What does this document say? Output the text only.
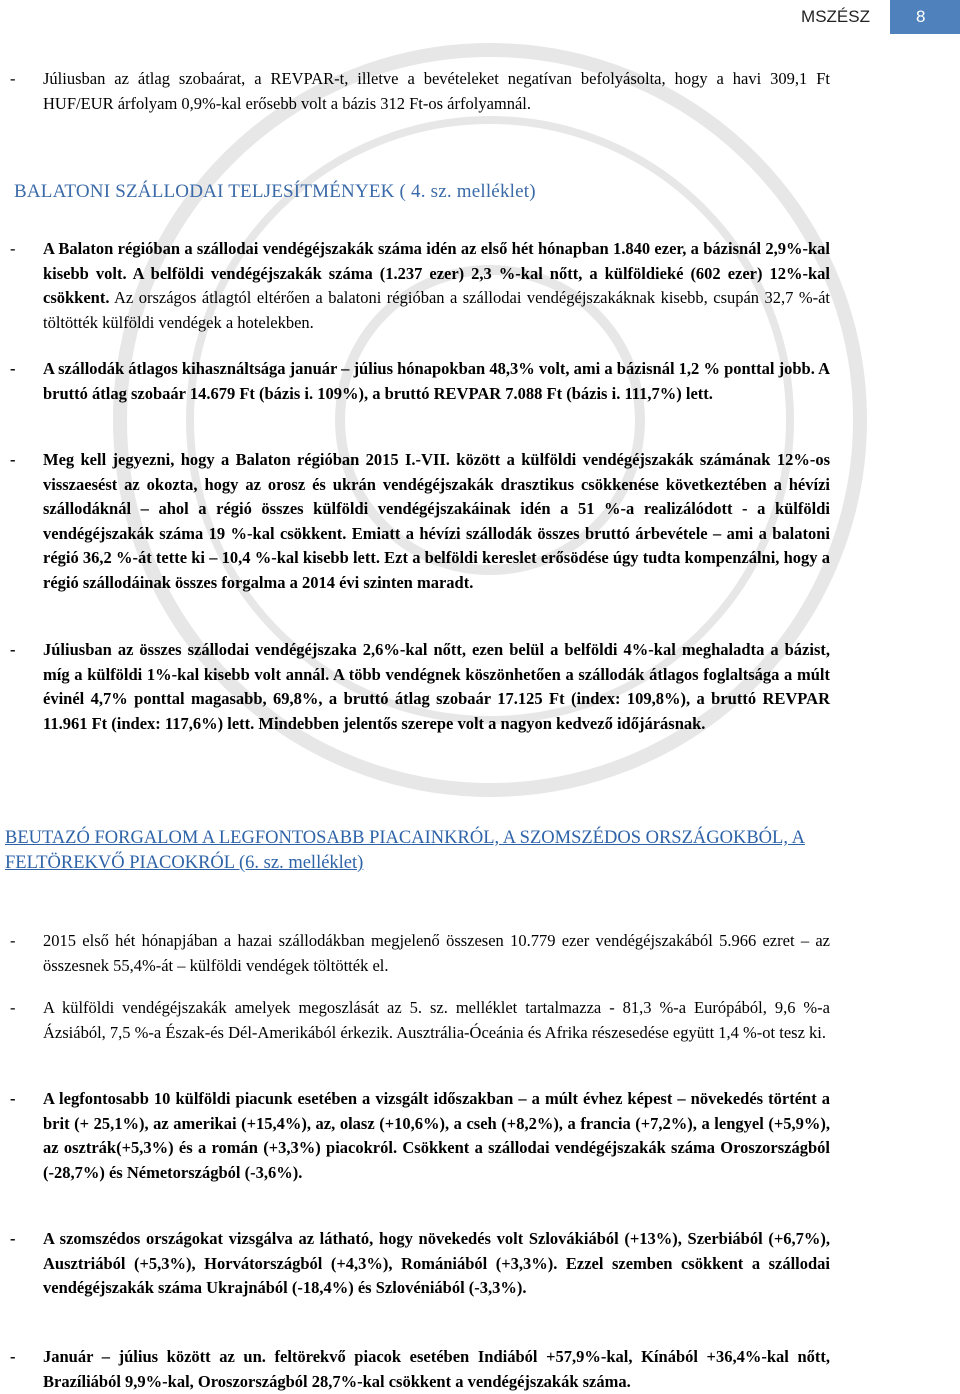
MSZÉSZ	8
- Júliusban az átlag szobaárat, a REVPAR-t, illetve a bevételeket negatívan befolyásolta, hogy a havi 309,1 Ft HUF/EUR árfolyam 0,9%-kal erősebb volt a bázis 312 Ft-os árfolyamnál.
BALATONI SZÁLLODAI TELJESÍTMÉNYEK ( 4. sz. melléklet)
- A Balaton régióban a szállodai vendégéjszakák száma idén az első hét hónapban 1.840 ezer, a bázisnál 2,9%-kal kisebb volt. A belföldi vendégéjszakák száma (1.237 ezer) 2,3 %-kal nőtt, a külföldieké (602 ezer) 12%-kal csökkent. Az országos átlagtól eltérően a balatoni régióban a szállodai vendégéjszakáknak kisebb, csupán 32,7 %-át töltötték külföldi vendégek a hotelekben.
- A szállodák átlagos kihasználtsága január – július hónapokban 48,3% volt, ami a bázisnál 1,2 % ponttal jobb. A bruttó átlag szobaár 14.679 Ft (bázis i. 109%), a bruttó REVPAR 7.088 Ft (bázis i. 111,7%) lett.
- Meg kell jegyezni, hogy a Balaton régióban 2015 I.-VII. között a külföldi vendégéjszakák számának 12%-os visszaesést az okozta, hogy az orosz és ukrán vendégéjszakák drasztikus csökkenése következtében a hévízi szállodáknál – ahol a régió összes külföldi vendégéjszakáinak idén a 51 %-a realizálódott - a külföldi vendégéjszakák száma 19 %-kal csökkent. Emiatt a hévízi szállodák összes bruttó árbevétele – ami a balatoni régió 36,2 %-át tette ki – 10,4 %-kal kisebb lett. Ezt a belföldi kereslet erősödése úgy tudta kompenzálni, hogy a régió szállodáinak összes forgalma a 2014 évi szinten maradt.
- Júliusban az összes szállodai vendégéjszaka 2,6%-kal nőtt, ezen belül a belföldi 4%-kal meghaladta a bázist, míg a külföldi 1%-kal kisebb volt annál. A több vendégnek köszönhetően a szállodák átlagos foglaltsága a múlt évinél 4,7% ponttal magasabb, 69,8%, a bruttó átlag szobaár 17.125 Ft (index: 109,8%), a bruttó REVPAR 11.961 Ft (index: 117,6%) lett. Mindebben jelentős szerepe volt a nagyon kedvező időjárásnak.
BEUTAZÓ FORGALOM A LEGFONTOSABB PIACAINKRÓL, A SZOMSZÉDOS ORSZÁGOKBÓL, A FELTÖREKVŐ PIACOKRÓL (6. sz. melléklet)
- 2015 első hét hónapjában a hazai szállodákban megjelenő összesen 10.779 ezer vendégéjszakából 5.966 ezret – az összesnek 55,4%-át – külföldi vendégek töltötték el.
- A külföldi vendégéjszakák amelyek megoszlását az 5. sz. melléklet tartalmazza - 81,3 %-a Európából, 9,6 %-a Ázsiából, 7,5 %-a Észak-és Dél-Amerikából érkezik. Ausztrália-Óceánia és Afrika részesedése együtt 1,4 %-ot tesz ki.
- A legfontosabb 10 külföldi piacunk esetében a vizsgált időszakban – a múlt évhez képest – növekedés történt a brit (+ 25,1%), az amerikai (+15,4%), az, olasz (+10,6%), a cseh (+8,2%), a francia (+7,2%), a lengyel (+5,9%), az osztrák(+5,3%) és a román (+3,3%) piacokról. Csökkent a szállodai vendégéjszakák száma Oroszországból (-28,7%) és Németországból (-3,6%).
- A szomszédos országokat vizsgálva az látható, hogy növekedés volt Szlovákiából (+13%), Szerbiából (+6,7%), Ausztriából (+5,3%), Horvátországból (+4,3%), Romániából (+3,3%). Ezzel szemben csökkent a szállodai vendégéjszakák száma Ukrajnából (-18,4%) és Szlovéniából (-3,3%).
- Január – július között az un. feltörekvő piacok esetében Indiából +57,9%-kal, Kínából +36,4%-kal nőtt, Brazíliából 9,9%-kal, Oroszországból 28,7%-kal csökkent a vendégéjszakák száma.
